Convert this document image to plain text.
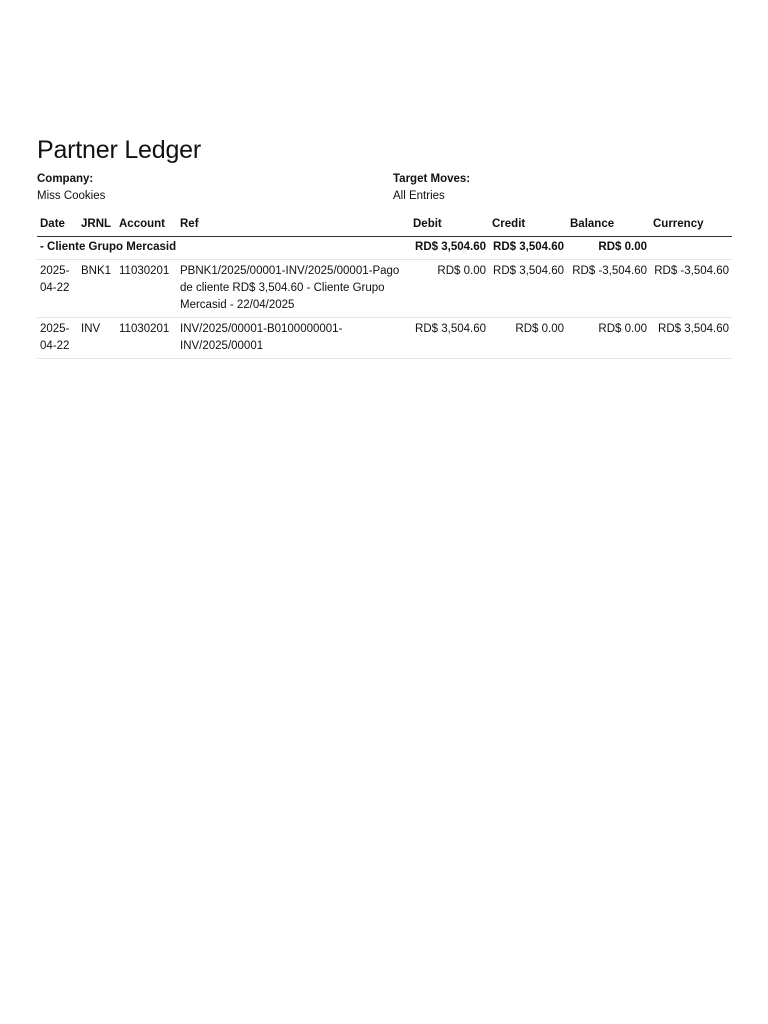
Partner Ledger
Company:
Miss Cookies
Target Moves:
All Entries
Date	JRNL	Account	Ref	Debit	Credit	Balance	Currency
- Cliente Grupo Mercasid				RD$ 3,504.60	RD$ 3,504.60	RD$ 0.00	
2025-04-22	BNK1	11030201	PBNK1/2025/00001-INV/2025/00001-Pago de cliente RD$ 3,504.60 - Cliente Grupo Mercasid - 22/04/2025	RD$ 0.00	RD$ 3,504.60	RD$ -3,504.60	RD$ -3,504.60
2025-04-22	INV	11030201	INV/2025/00001-B0100000001-INV/2025/00001	RD$ 3,504.60	RD$ 0.00	RD$ 0.00	RD$ 3,504.60
